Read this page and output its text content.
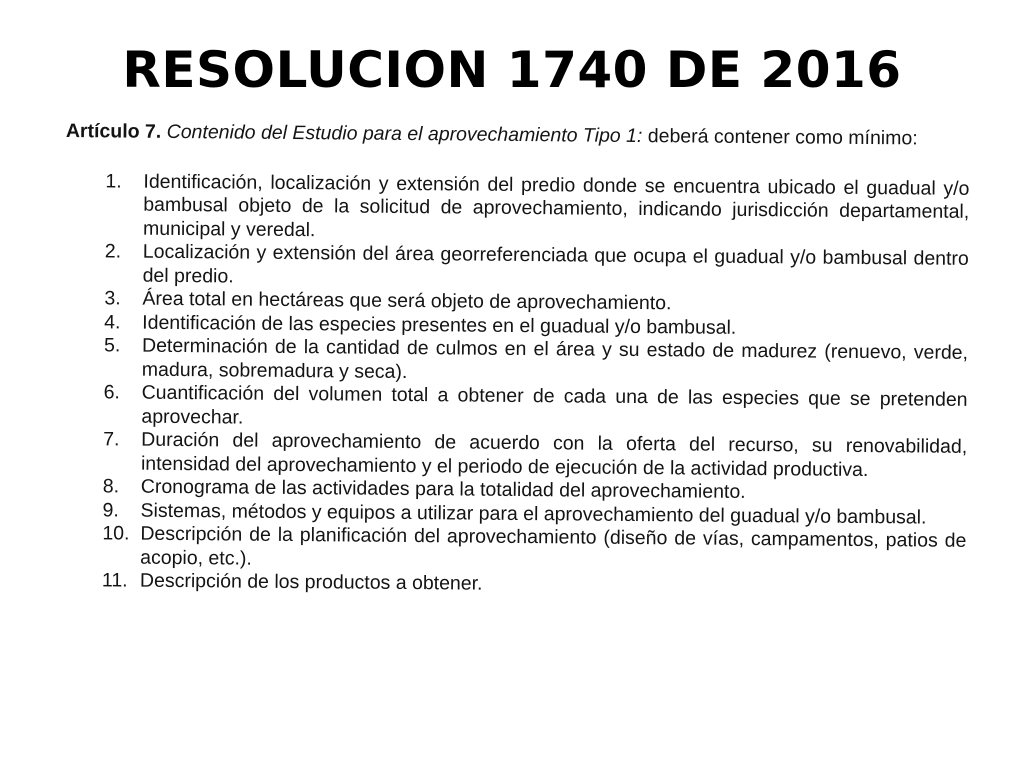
RESOLUCION 1740 DE 2016

Artículo 7. Contenido del Estudio para el aprovechamiento Tipo 1: deberá contener como mínimo:

1.	Identificación, localización y extensión del predio donde se encuentra ubicado el guadual y/o bambusal objeto de la solicitud de aprovechamiento, indicando jurisdicción departamental, municipal y veredal.
2.	Localización y extensión del área georreferenciada que ocupa el guadual y/o bambusal dentro del predio.
3.	Área total en hectáreas que será objeto de aprovechamiento.
4.	Identificación de las especies presentes en el guadual y/o bambusal.
5.	Determinación de la cantidad de culmos en el área y su estado de madurez (renuevo, verde, madura, sobremadura y seca).
6.	Cuantificación del volumen total a obtener de cada una de las especies que se pretenden aprovechar.
7.	Duración del aprovechamiento de acuerdo con la oferta del recurso, su renovabilidad, intensidad del aprovechamiento y el periodo de ejecución de la actividad productiva.
8.	Cronograma de las actividades para la totalidad del aprovechamiento.
9.	Sistemas, métodos y equipos a utilizar para el aprovechamiento del guadual y/o bambusal.
10. Descripción de la planificación del aprovechamiento (diseño de vías, campamentos, patios de acopio, etc.).
11. Descripción de los productos a obtener.
